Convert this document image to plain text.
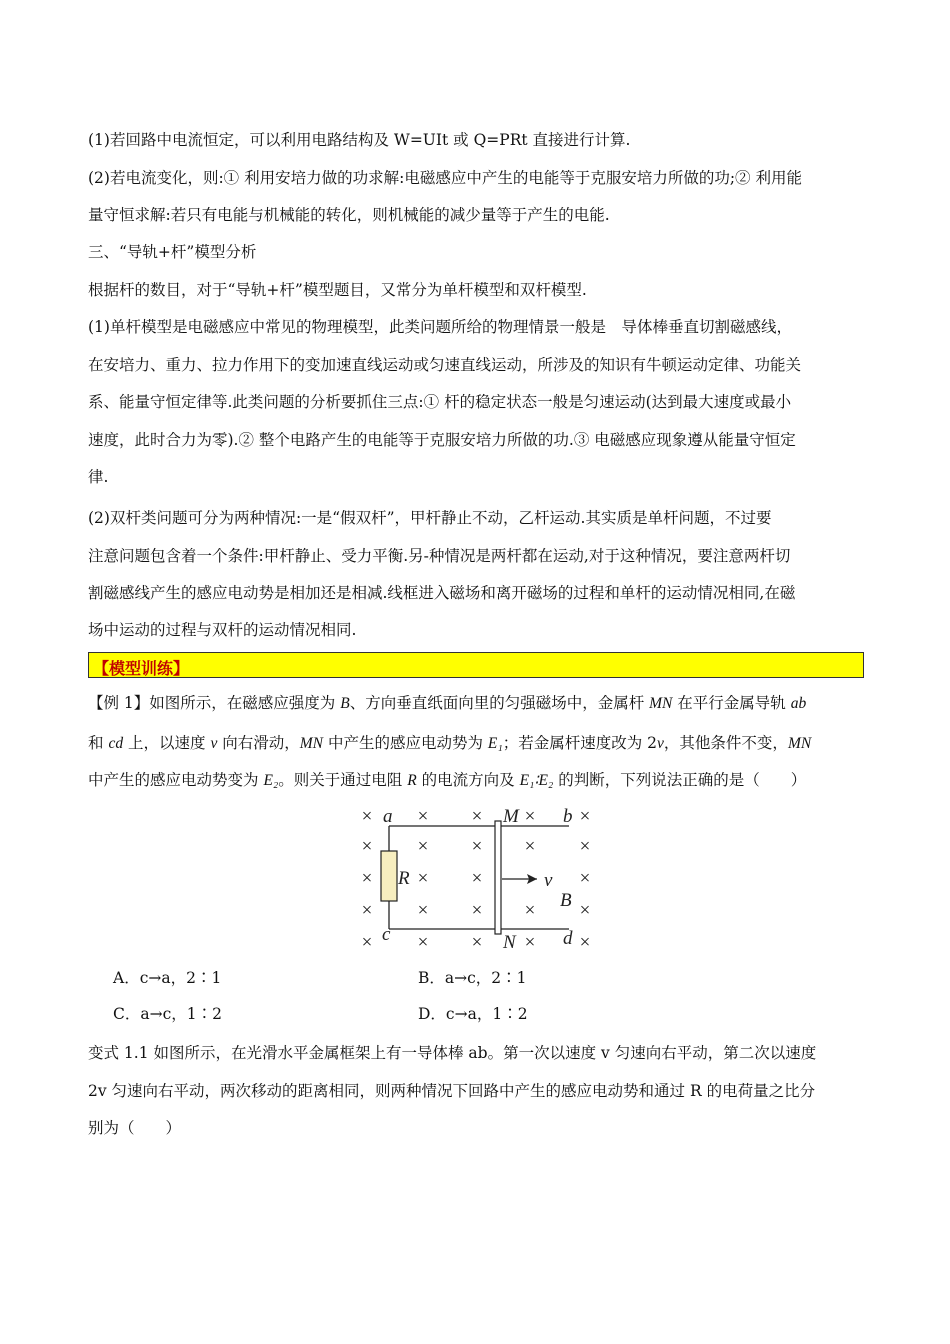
(1)若回路中电流恒定，可以利用电路结构及 W=UIt 或 Q=PRt 直接进行计算.
(2)若电流变化，则:① 利用安培力做的功求解:电磁感应中产生的电能等于克服安培力所做的功;② 利用能
量守恒求解:若只有电能与机械能的转化，则机械能的减少量等于产生的电能.
三、“导轨+杆”模型分析
根据杆的数目，对于“导轨+杆”模型题目，又常分为单杆模型和双杆模型.
(1)单杆模型是电磁感应中常见的物理模型，此类问题所给的物理情景一般是　导体棒垂直切割磁感线，
在安培力、重力、拉力作用下的变加速直线运动或匀速直线运动，所涉及的知识有牛顿运动定律、功能关
系、能量守恒定律等.此类问题的分析要抓住三点:① 杆的稳定状态一般是匀速运动(达到最大速度或最小
速度，此时合力为零).② 整个电路产生的电能等于克服安培力所做的功.③ 电磁感应现象遵从能量守恒定
律.
(2)双杆类问题可分为两种情况:一是“假双杆”，甲杆静止不动，乙杆运动.其实质是单杆问题，不过要
注意问题包含着一个条件:甲杆静止、受力平衡.另-种情况是两杆都在运动,对于这种情况，要注意两杆切
割磁感线产生的感应电动势是相加还是相减.线框进入磁场和离开磁场的过程和单杆的运动情况相同,在磁
场中运动的过程与双杆的运动情况相同.
【模型训练】
【例 1】如图所示，在磁感应强度为 B、方向垂直纸面向里的匀强磁场中，金属杆 MN 在平行金属导轨 ab
和 cd 上，以速度 v 向右滑动，MN 中产生的感应电动势为 E₁；若金属杆速度改为 2v，其他条件不变，MN
中产生的感应电动势变为 E₂。则关于通过电阻 R 的电流方向及 E₁∶E₂ 的判断，下列说法正确的是（　　）
× × × × ×
× × × × ×
× × ×	×
× × × × ×
× × × × ×
a	M b
R	v
B
c	N d
A．c→a，2∶1	B．a→c，2∶1
C．a→c，1∶2	D．c→a，1∶2
变式 1.1 如图所示，在光滑水平金属框架上有一导体棒 ab。第一次以速度 v 匀速向右平动，第二次以速度
2v 匀速向右平动，两次移动的距离相同，则两种情况下回路中产生的感应电动势和通过 R 的电荷量之比分
别为（　　）
